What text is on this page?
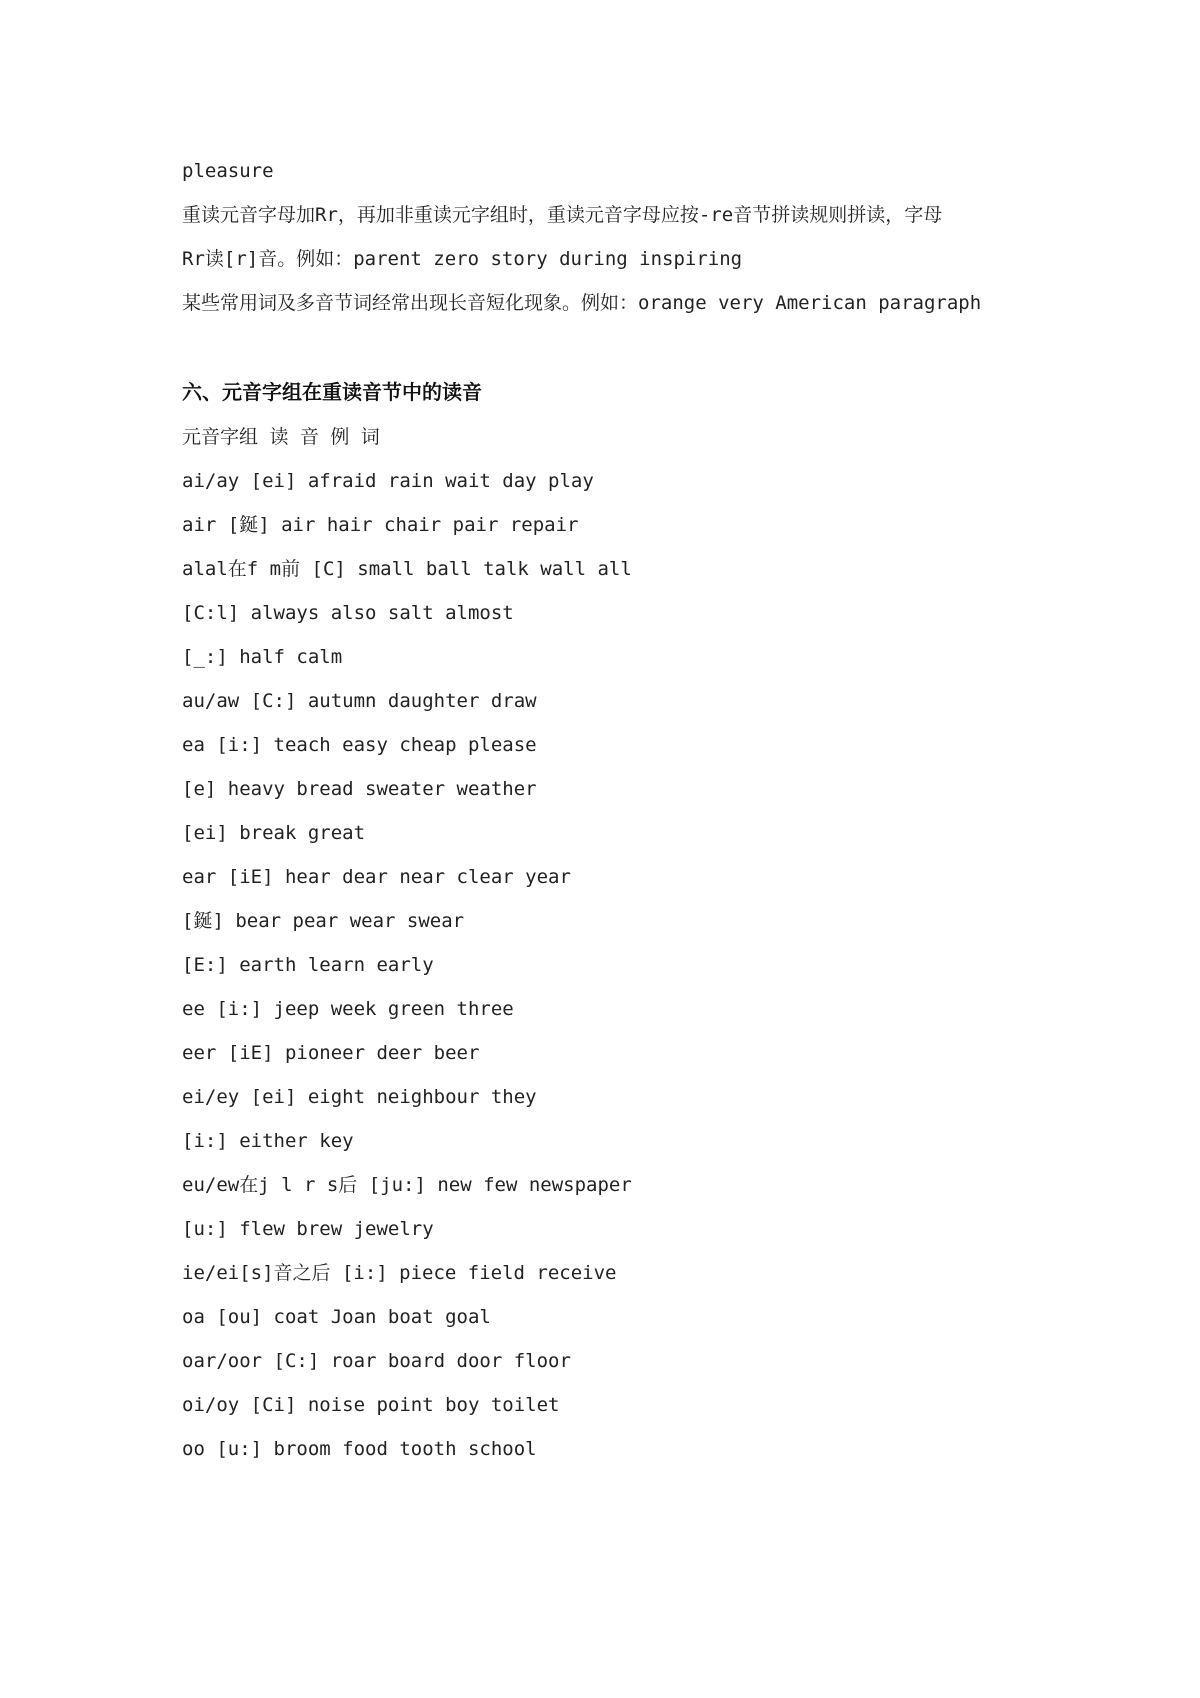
pleasure
重读元音字母加Rr，再加非重读元字组时，重读元音字母应按-re音节拼读规则拼读，字母
Rr读[r]音。例如：parent zero story during inspiring
某些常用词及多音节词经常出现长音短化现象。例如：orange very American paragraph
六、元音字组在重读音节中的读音
元音字组 读 音 例 词
ai/ay [ei] afraid rain wait day play
air [鋋] air hair chair pair repair
alal在f m前 [C] small ball talk wall all
[C:l] always also salt almost
[_:] half calm
au/aw [C:] autumn daughter draw
ea [i:] teach easy cheap please
[e] heavy bread sweater weather
[ei] break great
ear [iE] hear dear near clear year
[鋋] bear pear wear swear
[E:] earth learn early
ee [i:] jeep week green three
eer [iE] pioneer deer beer
ei/ey [ei] eight neighbour they
[i:] either key
eu/ew在j l r s后 [ju:] new few newspaper
[u:] flew brew jewelry
ie/ei[s]音之后 [i:] piece field receive
oa [ou] coat Joan boat goal
oar/oor [C:] roar board door floor
oi/oy [Ci] noise point boy toilet
oo [u:] broom food tooth school
